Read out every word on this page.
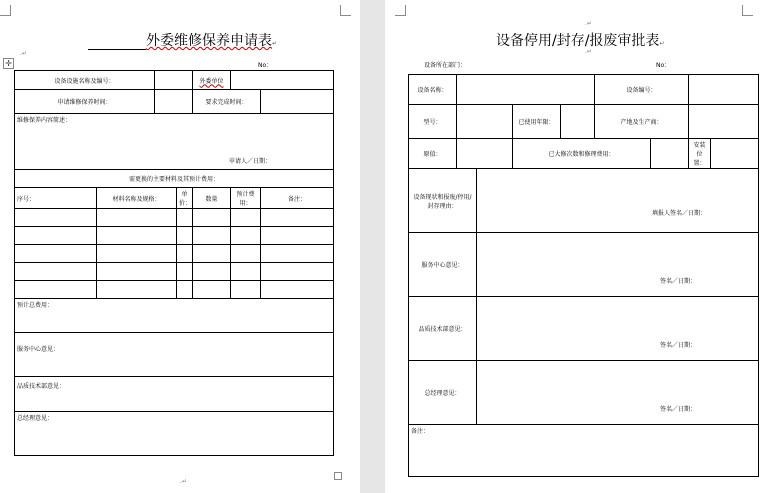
外委维修保养申请表↵
.↵
✛	No：
设备设施名称及编号：				外委单位		
申请维修保养时间：				要求完成时间：		

维修保养内容简述：
申请人／日期：						

需更换的主要材料及其预计费用：						
序号：	材料名称及规格：		单价：	数量	预计费用：	备注：

预计总费用：						

服务中心意见：						

品质技术部意见：						

总经理意见：						
.↵
.↵
设备停用/封存/报废审批表↵
.↵
设备所在部门：	No：
设备名称：					设备编号：			
型号：			已使用年限：		产地及生产商：			
原值：			已大修次数和修理费用：				安装位置：	
设备现状和报废/停用/封存理由：		填报人签名／日期：						

服务中心意见：		签名／日期：						

品质技术部意见：		签名／日期：						

总经理意见：		签名／日期：						

备注：								
